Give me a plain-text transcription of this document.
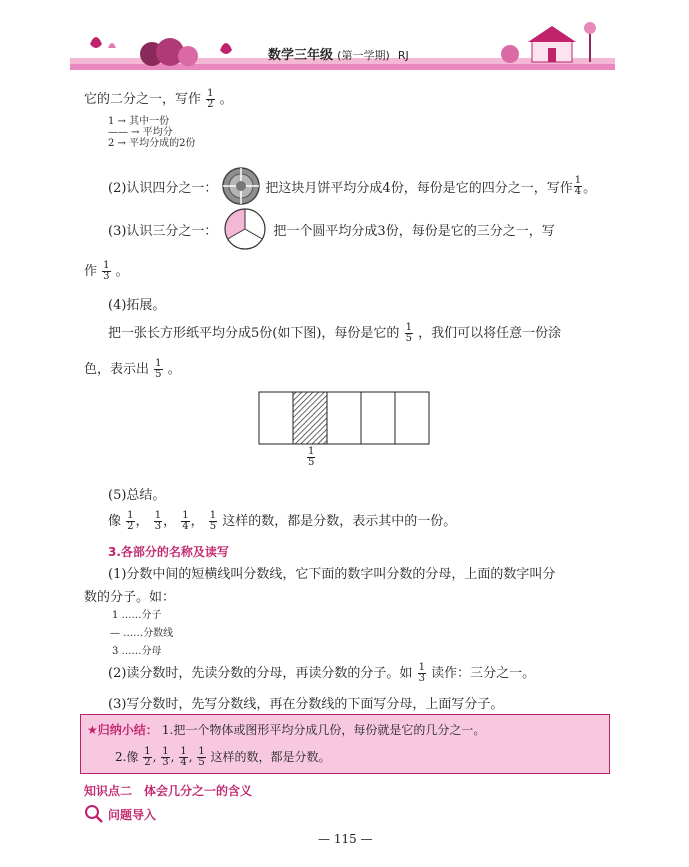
数学三年级 (第一学期) RJ
它的二分之一，写作 $\frac{1}{2}$ 。
1 → 其中一份
—— → 平均分
2 → 平均分成的2份
(2)认识四分之一：	把这块月饼平均分成4份，每份是它的四分之一，写作 $\frac{1}{4}$ 。
(3)认识三分之一：	把一个圆平均分成3份，每份是它的三分之一，写
作 $\frac{1}{3}$ 。
(4)拓展。
把一张长方形纸平均分成5份(如下图)，每份是它的 $\frac{1}{5}$ ，我们可以将任意一份涂
色，表示出 $\frac{1}{5}$ 。
$\frac{1}{5}$
(5)总结。
像 $\frac{1}{2}$ ， $\frac{1}{3}$ ， $\frac{1}{4}$ ， $\frac{1}{5}$ 这样的数，都是分数，表示其中的一份。
3.各部分的名称及读写
(1)分数中间的短横线叫分数线，它下面的数字叫分数的分母，上面的数字叫分
数的分子。如：
1 ……分子
— ……分数线
3 ……分母
(2)读分数时，先读分数的分母，再读分数的分子。如 $\frac{1}{3}$ 读作：三分之一。
(3)写分数时，先写分数线，再在分数线的下面写分母，上面写分子。
★归纳小结： 1.把一个物体或图形平均分成几份，每份就是它的几分之一。
2.像 $\frac{1}{2}$ , $\frac{1}{3}$ , $\frac{1}{4}$ , $\frac{1}{5}$ 这样的数，都是分数。
知识点二　体会几分之一的含义
问题导入
— 115 —
